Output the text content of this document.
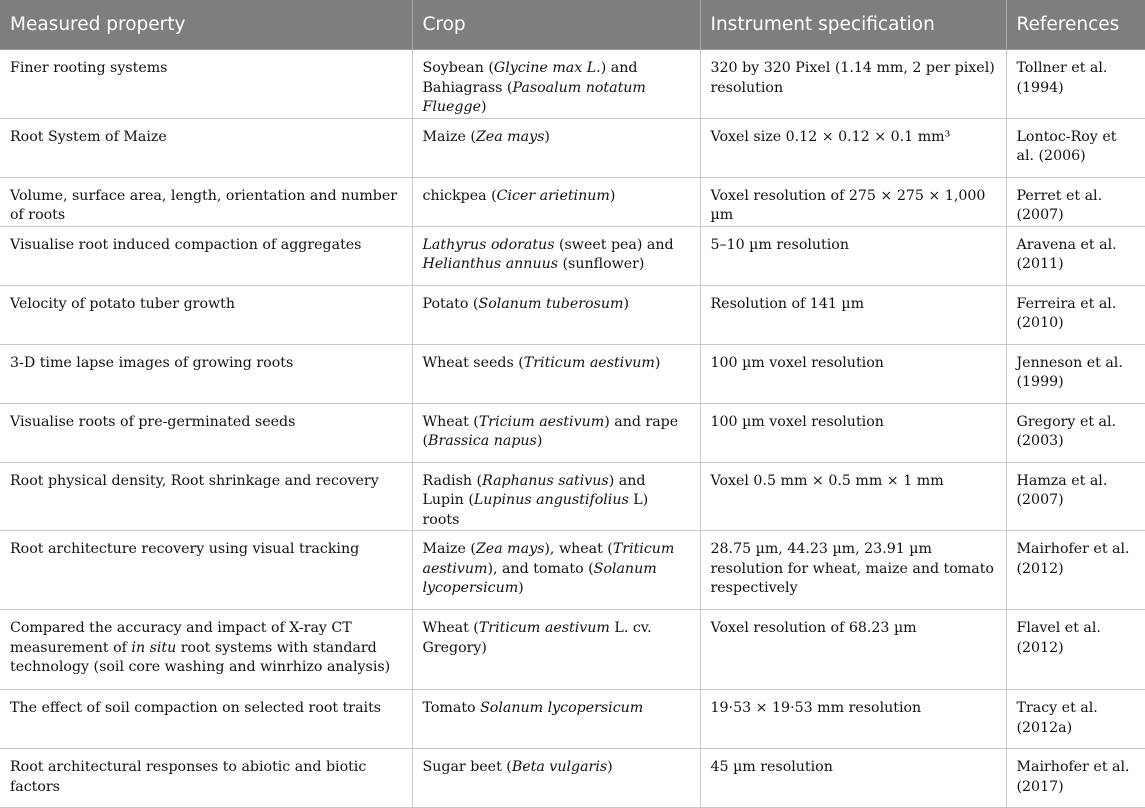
Measured property	Crop	Instrument specification	References
Finer rooting systems	Soybean (Glycine max L.) and Bahiagrass (Pasoalum notatum Fluegge)	320 by 320 Pixel (1.14 mm, 2 per pixel) resolution	Tollner et al. (1994)
Root System of Maize	Maize (Zea mays)	Voxel size 0.12 × 0.12 × 0.1 mm³	Lontoc-Roy et al. (2006)
Volume, surface area, length, orientation and number of roots	chickpea (Cicer arietinum)	Voxel resolution of 275 × 275 × 1,000 µm	Perret et al. (2007)
Visualise root induced compaction of aggregates	Lathyrus odoratus (sweet pea) and Helianthus annuus (sunflower)	5–10 µm resolution	Aravena et al. (2011)
Velocity of potato tuber growth	Potato (Solanum tuberosum)	Resolution of 141 µm	Ferreira et al. (2010)
3-D time lapse images of growing roots	Wheat seeds (Triticum aestivum)	100 µm voxel resolution	Jenneson et al. (1999)
Visualise roots of pre-germinated seeds	Wheat (Tricium aestivum) and rape (Brassica napus)	100 µm voxel resolution	Gregory et al. (2003)
Root physical density, Root shrinkage and recovery	Radish (Raphanus sativus) and Lupin (Lupinus angustifolius L) roots	Voxel 0.5 mm × 0.5 mm × 1 mm	Hamza et al. (2007)
Root architecture recovery using visual tracking	Maize (Zea mays), wheat (Triticum aestivum), and tomato (Solanum lycopersicum)	28.75 µm, 44.23 µm, 23.91 µm resolution for wheat, maize and tomato respectively	Mairhofer et al. (2012)
Compared the accuracy and impact of X-ray CT measurement of in situ root systems with standard technology (soil core washing and winrhizo analysis)	Wheat (Triticum aestivum L. cv. Gregory)	Voxel resolution of 68.23 µm	Flavel et al. (2012)
The effect of soil compaction on selected root traits	Tomato Solanum lycopersicum	19·53 × 19·53 mm resolution	Tracy et al. (2012a)
Root architectural responses to abiotic and biotic factors	Sugar beet (Beta vulgaris)	45 µm resolution	Mairhofer et al. (2017)
